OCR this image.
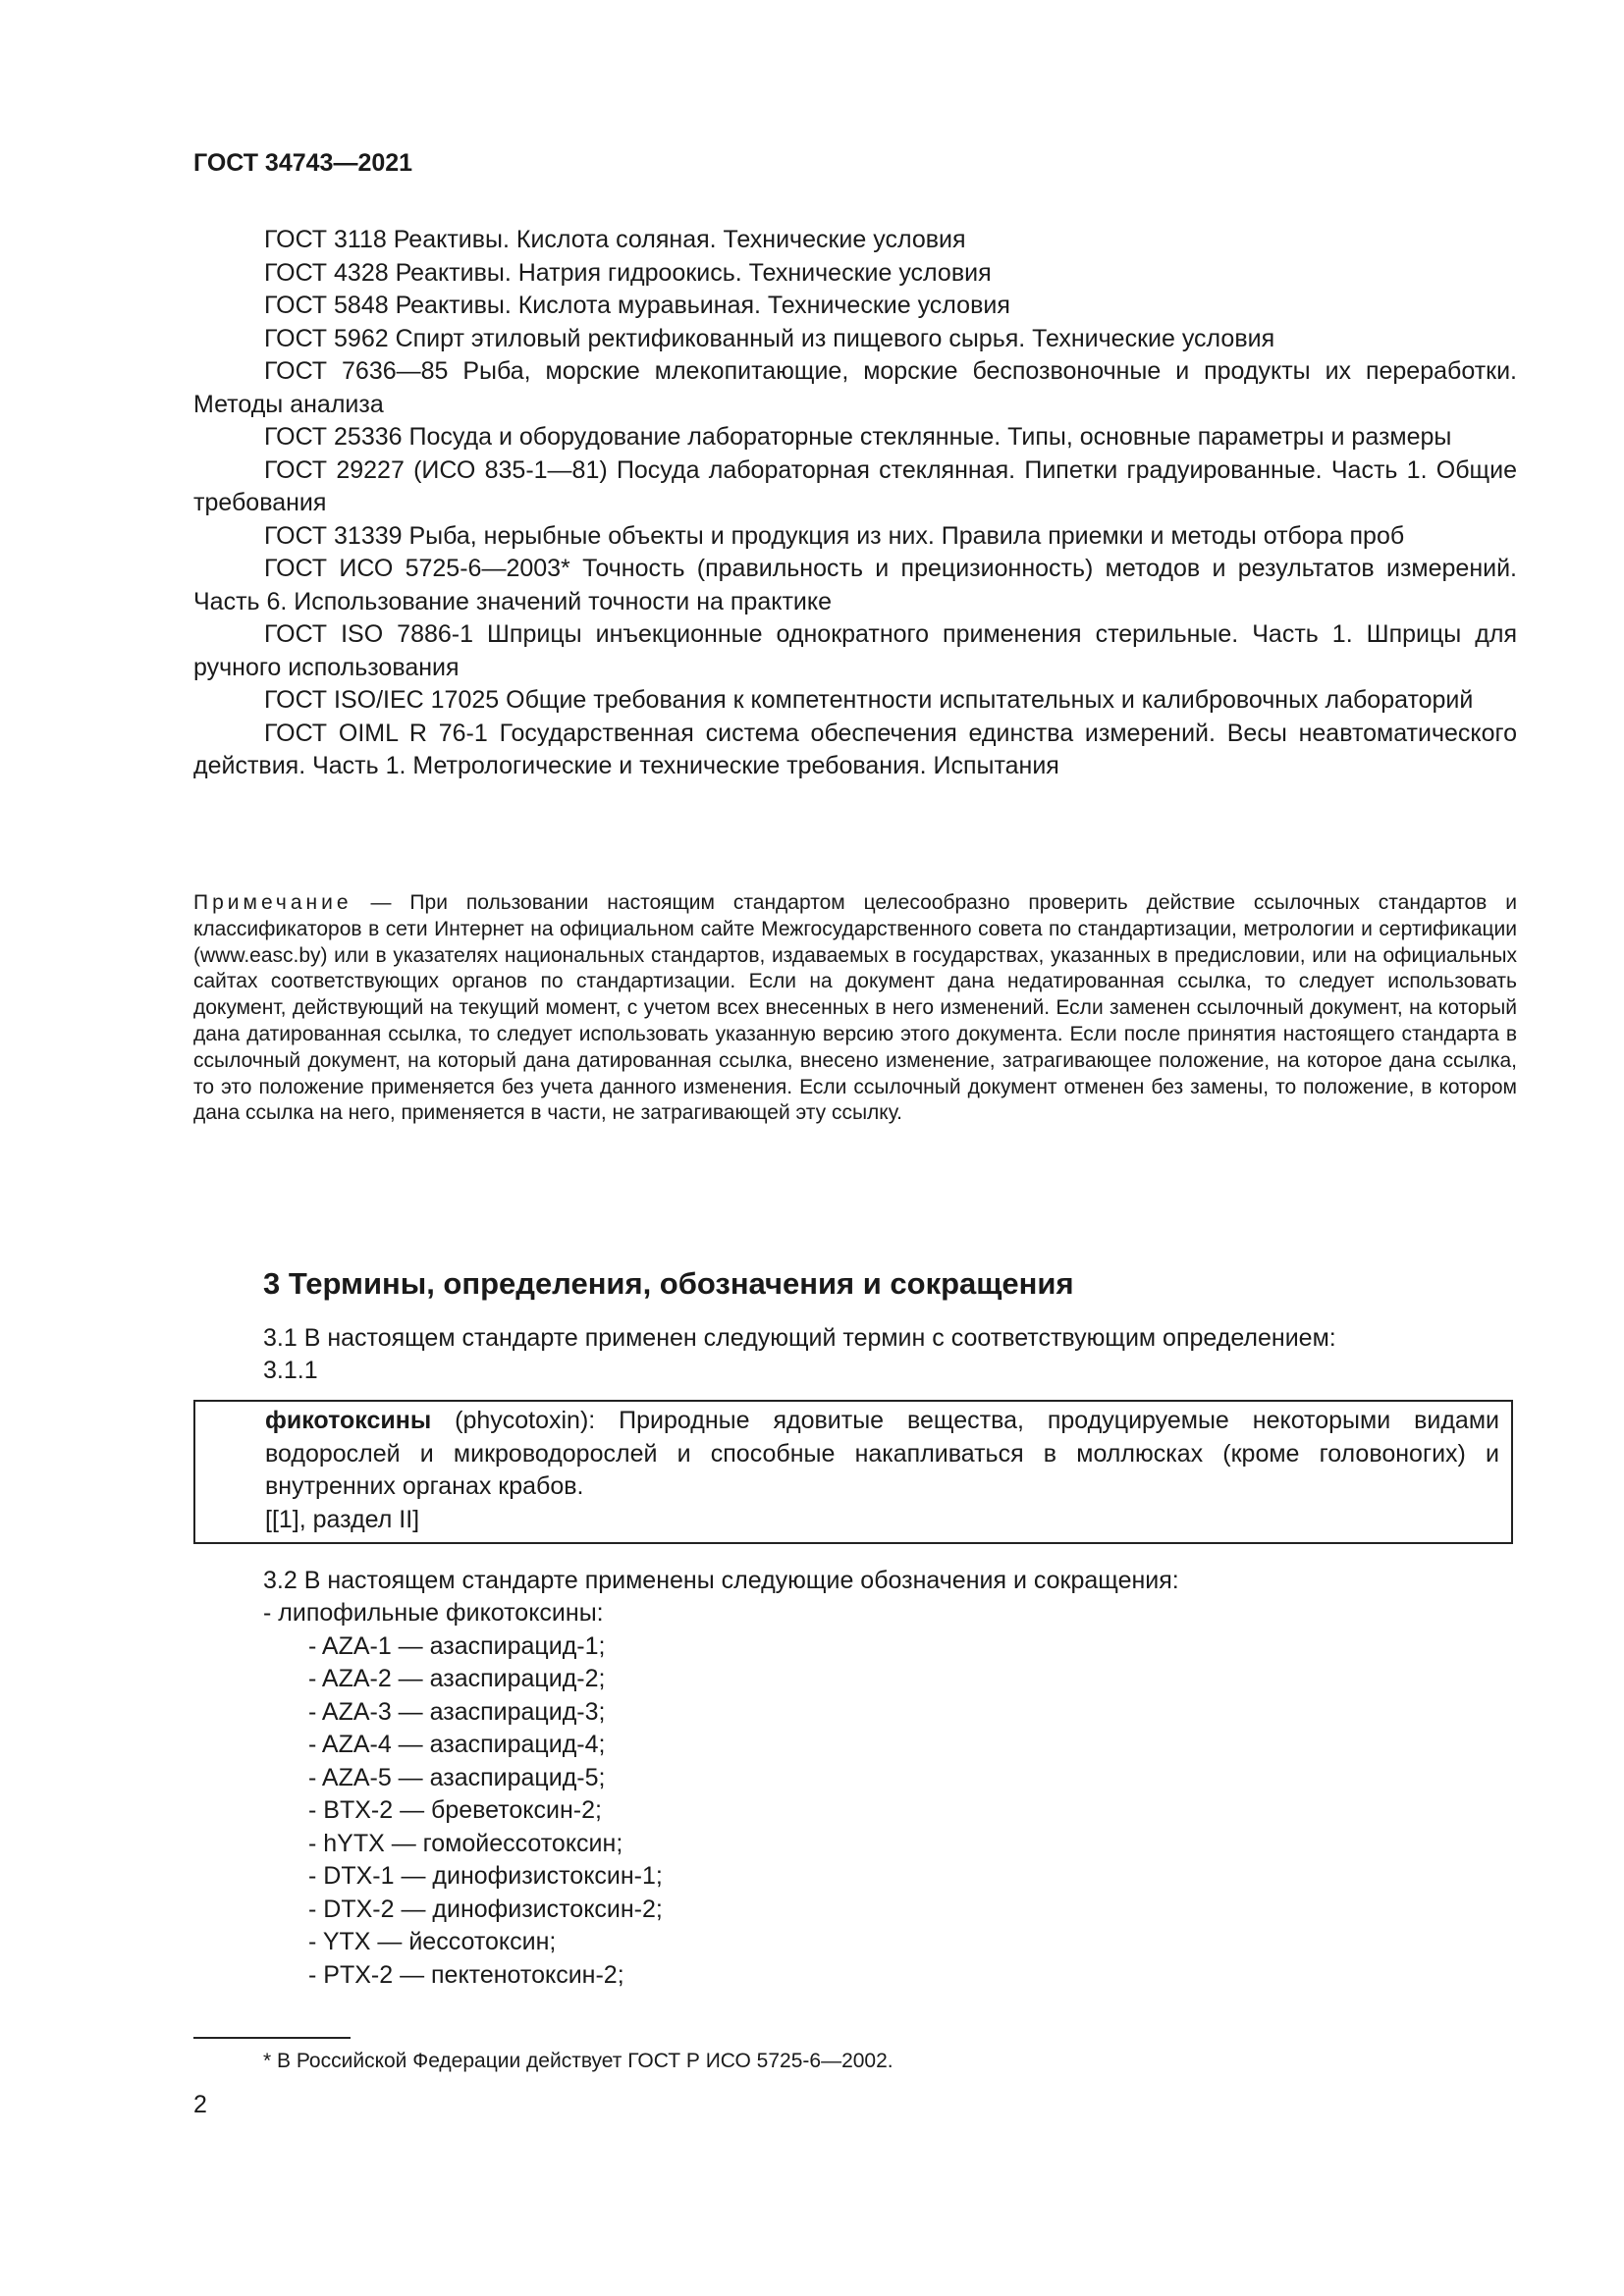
ГОСТ 34743—2021

ГОСТ 3118 Реактивы. Кислота соляная. Технические условия

ГОСТ 4328 Реактивы. Натрия гидроокись. Технические условия

ГОСТ 5848 Реактивы. Кислота муравьиная. Технические условия

ГОСТ 5962 Спирт этиловый ректификованный из пищевого сырья. Технические условия

ГОСТ 7636—85 Рыба, морские млекопитающие, морские беспозвоночные и продукты их переработки. Методы анализа

ГОСТ 25336 Посуда и оборудование лабораторные стеклянные. Типы, основные параметры и размеры

ГОСТ 29227 (ИСО 835-1—81) Посуда лабораторная стеклянная. Пипетки градуированные. Часть 1. Общие требования

ГОСТ 31339 Рыба, нерыбные объекты и продукция из них. Правила приемки и методы отбора проб

ГОСТ ИСО 5725-6—2003* Точность (правильность и прецизионность) методов и результатов измерений. Часть 6. Использование значений точности на практике

ГОСТ ISO 7886-1 Шприцы инъекционные однократного применения стерильные. Часть 1. Шприцы для ручного использования

ГОСТ ISO/IEC 17025 Общие требования к компетентности испытательных и калибровочных лабораторий

ГОСТ OIML R 76-1 Государственная система обеспечения единства измерений. Весы неавтоматического действия. Часть 1. Метрологические и технические требования. Испытания

Примечание — При пользовании настоящим стандартом целесообразно проверить действие ссылочных стандартов и классификаторов в сети Интернет на официальном сайте Межгосударственного совета по стандартизации, метрологии и сертификации (www.easc.by) или в указателях национальных стандартов, издаваемых в государствах, указанных в предисловии, или на официальных сайтах соответствующих органов по стандартизации. Если на документ дана недатированная ссылка, то следует использовать документ, действующий на текущий момент, с учетом всех внесенных в него изменений. Если заменен ссылочный документ, на который дана датированная ссылка, то следует использовать указанную версию этого документа. Если после принятия настоящего стандарта в ссылочный документ, на который дана датированная ссылка, внесено изменение, затрагивающее положение, на которое дана ссылка, то это положение применяется без учета данного изменения. Если ссылочный документ отменен без замены, то положение, в котором дана ссылка на него, применяется в части, не затрагивающей эту ссылку.

3 Термины, определения, обозначения и сокращения

3.1 В настоящем стандарте применен следующий термин с соответствующим определением:

3.1.1

фикотоксины (phycotoxin): Природные ядовитые вещества, продуцируемые некоторыми видами водорослей и микроводорослей и способные накапливаться в моллюсках (кроме головоногих) и внутренних органах крабов.

[[1], раздел II]

3.2 В настоящем стандарте применены следующие обозначения и сокращения:

- липофильные фикотоксины:
- AZA-1 — азаспирацид-1;
- AZA-2 — азаспирацид-2;
- AZA-3 — азаспирацид-3;
- AZA-4 — азаспирацид-4;
- AZA-5 — азаспирацид-5;
- BTX-2 — бреветоксин-2;
- hYTX — гомойессотоксин;
- DTX-1 — динофизистоксин-1;
- DTX-2 — динофизистоксин-2;
- YTX — йессотоксин;
- PTX-2 — пектенотоксин-2;

* В Российской Федерации действует ГОСТ Р ИСО 5725-6—2002.

2
